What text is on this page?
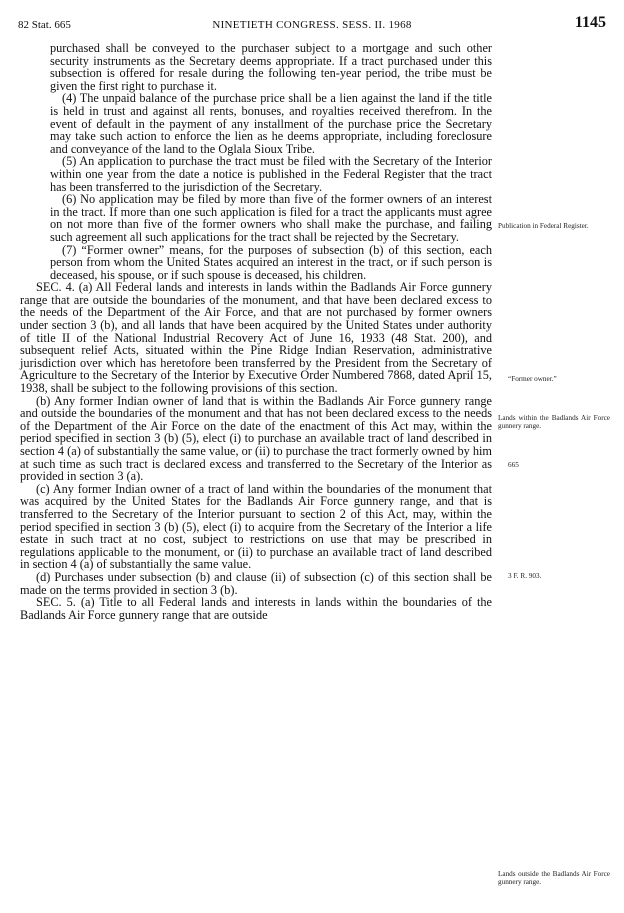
82 Stat. 665	NINETIETH CONGRESS. SESS. II. 1968	1145

purchased shall be conveyed to the purchaser subject to a mortgage and such other security instruments as the Secretary deems appropriate. If a tract purchased under this subsection is offered for resale during the following ten-year period, the tribe must be given the first right to purchase it.

(4) The unpaid balance of the purchase price shall be a lien against the land if the title is held in trust and against all rents, bonuses, and royalties received therefrom. In the event of default in the payment of any installment of the purchase price the Secretary may take such action to enforce the lien as he deems appropriate, including foreclosure and conveyance of the land to the Oglala Sioux Tribe.

(5) An application to purchase the tract must be filed with the Secretary of the Interior within one year from the date a notice is published in the Federal Register that the tract has been transferred to the jurisdiction of the Secretary.

(6) No application may be filed by more than five of the former owners of an interest in the tract. If more than one such application is filed for a tract the applicants must agree on not more than five of the former owners who shall make the purchase, and failing such agreement all such applications for the tract shall be rejected by the Secretary.

(7) “Former owner” means, for the purposes of subsection (b) of this section, each person from whom the United States acquired an interest in the tract, or if such person is deceased, his spouse, or if such spouse is deceased, his children.

SEC. 4. (a) All Federal lands and interests in lands within the Badlands Air Force gunnery range that are outside the boundaries of the monument, and that have been declared excess to the needs of the Department of the Air Force, and that are not purchased by former owners under section 3 (b), and all lands that have been acquired by the United States under authority of title II of the National Industrial Recovery Act of June 16, 1933 (48 Stat. 200), and subsequent relief Acts, situated within the Pine Ridge Indian Reservation, administrative jurisdiction over which has heretofore been transferred by the President from the Secretary of Agriculture to the Secretary of the Interior by Executive Order Numbered 7868, dated April 15, 1938, shall be subject to the following provisions of this section.

(b) Any former Indian owner of land that is within the Badlands Air Force gunnery range and outside the boundaries of the monument and that has not been declared excess to the needs of the Department of the Air Force on the date of the enactment of this Act may, within the period specified in section 3 (b) (5), elect (i) to purchase an available tract of land described in section 4 (a) of substantially the same value, or (ii) to purchase the tract formerly owned by him at such time as such tract is declared excess and transferred to the Secretary of the Interior as provided in section 3 (a).

(c) Any former Indian owner of a tract of land within the boundaries of the monument that was acquired by the United States for the Badlands Air Force gunnery range, and that is transferred to the Secretary of the Interior pursuant to section 2 of this Act, may, within the period specified in section 3 (b) (5), elect (i) to acquire from the Secretary of the Interior a life estate in such tract at no cost, subject to restrictions on use that may be prescribed in regulations applicable to the monument, or (ii) to purchase an available tract of land described in section 4 (a) of substantially the same value.

(d) Purchases under subsection (b) and clause (ii) of subsection (c) of this section shall be made on the terms provided in section 3 (b).

SEC. 5. (a) Title to all Federal lands and interests in lands within the boundaries of the Badlands Air Force gunnery range that are outside

Publication in Federal Register.
“Former owner.”
Lands within the Badlands Air Force gunnery range.
665
3 F. R. 903.
Lands outside the Badlands Air Force gunnery range.
